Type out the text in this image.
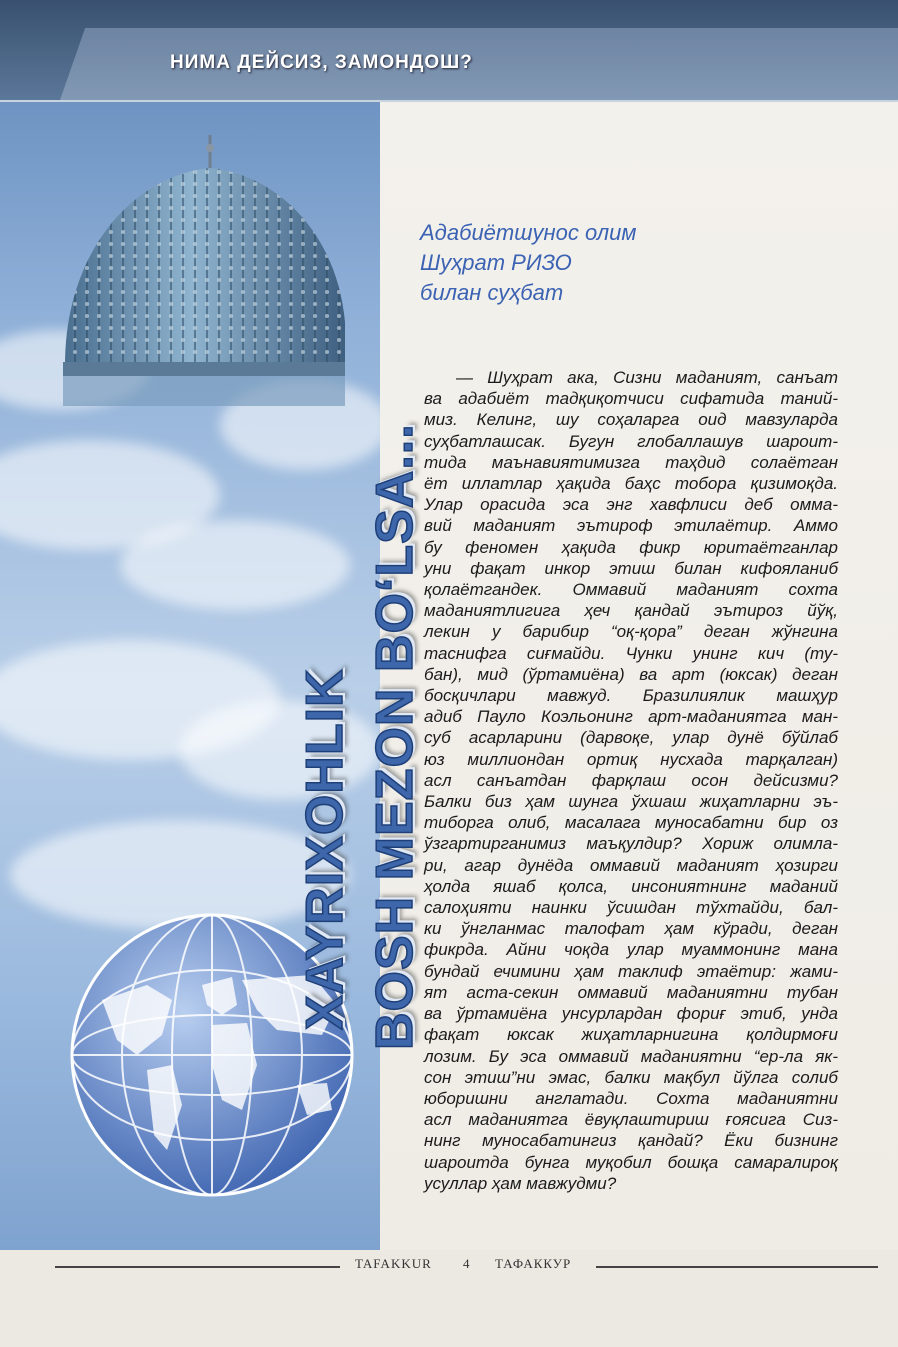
НИМА ДЕЙСИЗ, ЗАМОНДОШ?
XAYRIXOHLIK BOSH MEZON BO‘LSA...
Адабиётшунос олим
Шуҳрат РИЗО
билан суҳбат
— Шуҳрат ака, Сизни маданият, санъат
ва адабиёт тадқиқотчиси сифатида таний-
миз. Келинг, шу соҳаларга оид мавзуларда
суҳбатлашсак. Бугун глобаллашув шароит-
тида маънавиятимизга таҳдид солаётган
ёт иллатлар ҳақида баҳс тобора қизимоқда.
Улар орасида эса энг хавфлиси деб омма-
вий маданият эътироф этилаётир. Аммо
бу феномен ҳақида фикр юритаётганлар
уни фақат инкор этиш билан кифояланиб
қолаётгандек. Оммавий маданият сохта
маданиятлигига ҳеч қандай эътироз йўқ,
лекин у барибир “оқ-қора” деган жўнгина
таснифга сиғмайди. Чунки унинг кич (ту-
бан), мид (ўртамиёна) ва арт (юксак) деган
босқичлари мавжуд. Бразилиялик машҳур
адиб Пауло Коэльонинг арт-маданиятга ман-
суб асарларини (дарвоқе, улар дунё бўйлаб
юз миллиондан ортиқ нусхада тарқалган)
асл санъатдан фарқлаш осон дейсизми?
Балки биз ҳам шунга ўхшаш жиҳатларни эъ-
тиборга олиб, масалага муносабатни бир оз
ўзгартирганимиз маъқулдир? Хориж олимла-
ри, агар дунёда оммавий маданият ҳозирги
ҳолда яшаб қолса, инсониятнинг маданий
салоҳияти наинки ўсишдан тўхтайди, бал-
ки ўнгланмас талофат ҳам кўради, деган
фикрда. Айни чоқда улар муаммонинг мана
бундай ечимини ҳам таклиф этаётир: жами-
ят аста-секин оммавий маданиятни тубан
ва ўртамиёна унсурлардан фориғ этиб, унда
фақат юксак жиҳатларнигина қолдирмоғи
лозим. Бу эса оммавий маданиятни “ер-ла як-
сон этиш”ни эмас, балки мақбул йўлга солиб
юборишни англатади. Сохта маданиятни
асл маданиятга ёвуқлаштириш ғоясига Сиз-
нинг муносабатингиз қандай? Ёки бизнинг
шароитда бунга муқобил бошқа самаралироқ
усуллар ҳам мавжудми?
TAFAKKUR 4 ТАФАККУР
